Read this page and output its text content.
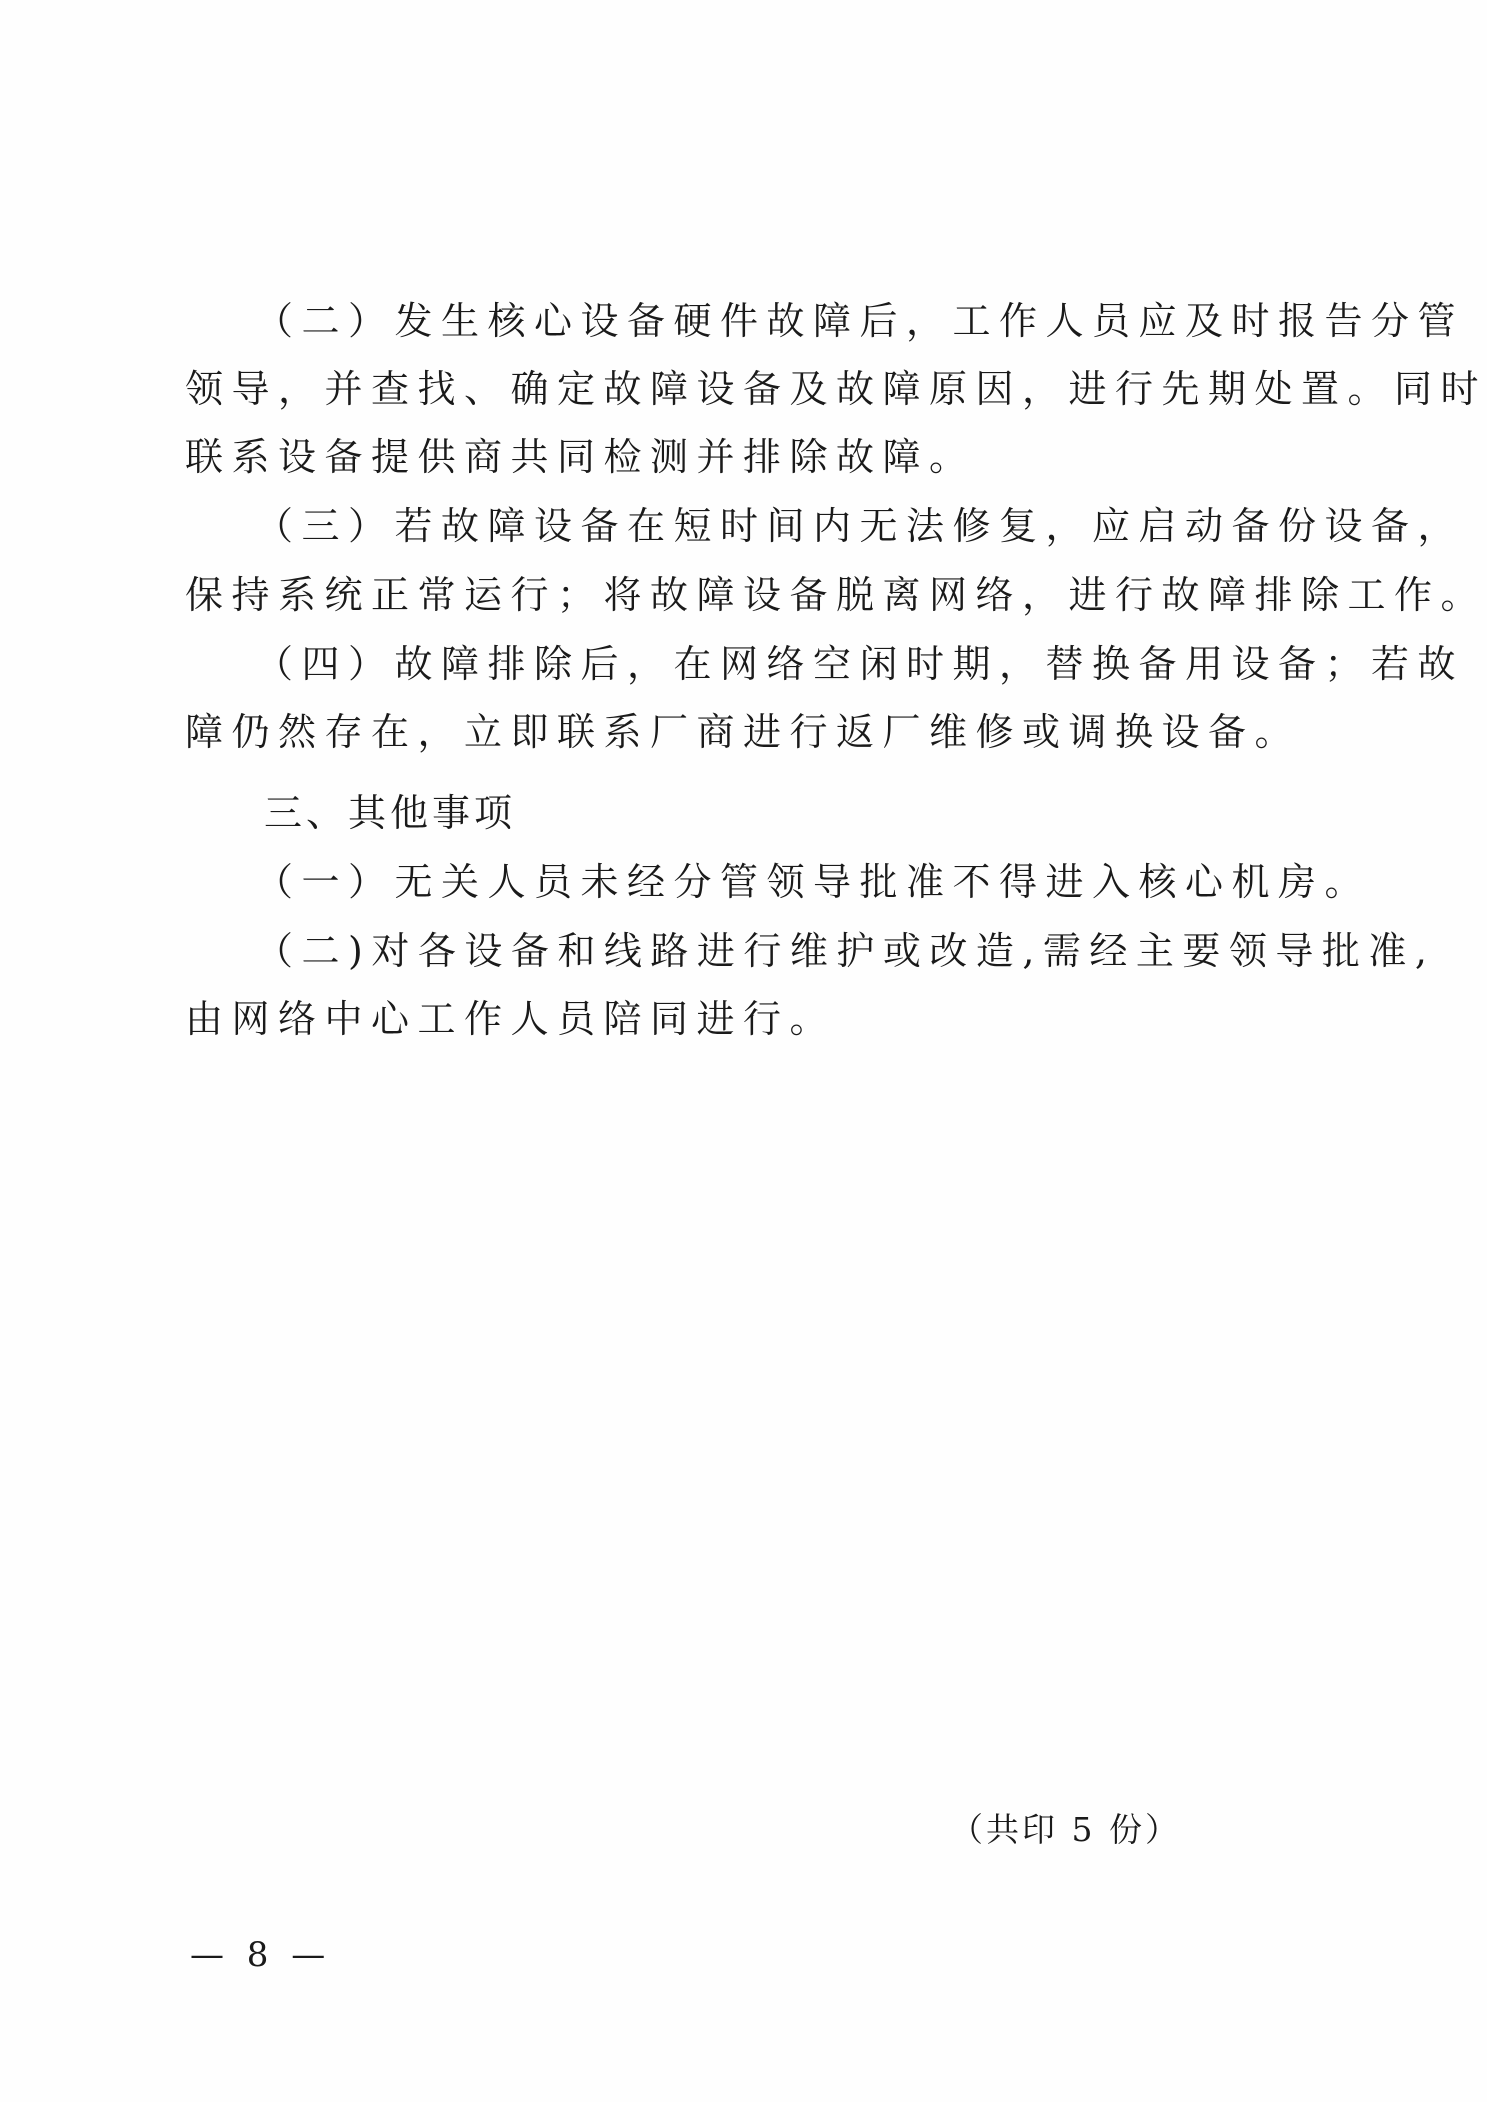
（二）发生核心设备硬件故障后，工作人员应及时报告分管

领导，并查找、确定故障设备及故障原因，进行先期处置。同时

联系设备提供商共同检测并排除故障。

（三）若故障设备在短时间内无法修复，应启动备份设备，

保持系统正常运行；将故障设备脱离网络，进行故障排除工作。

（四）故障排除后，在网络空闲时期，替换备用设备；若故

障仍然存在，立即联系厂商进行返厂维修或调换设备。

三、其他事项

（一）无关人员未经分管领导批准不得进入核心机房。

（二)对各设备和线路进行维护或改造,需经主要领导批准,

由网络中心工作人员陪同进行。

（共印 5 份）
— 8 —
